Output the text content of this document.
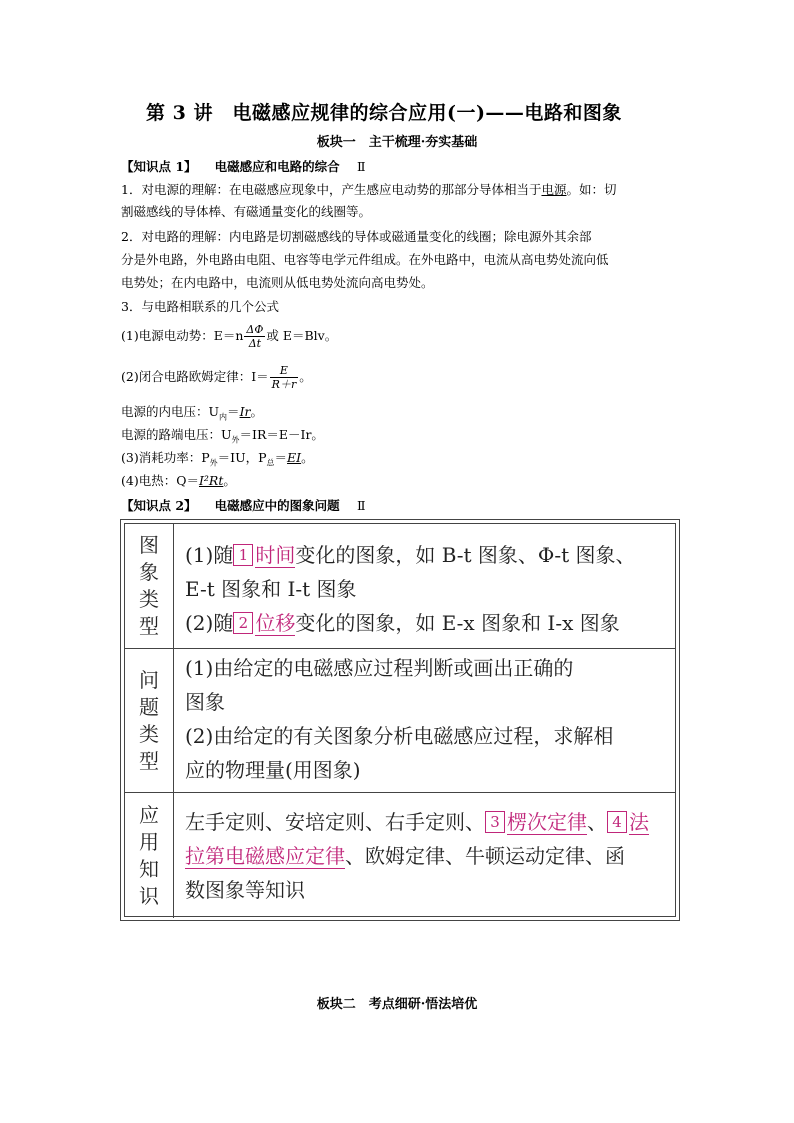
第 3 讲　电磁感应规律的综合应用(一)——电路和图象
板块一　主干梳理·夯实基础
【知识点 1】 电磁感应和电路的综合 Ⅱ
1．对电源的理解：在电磁感应现象中，产生感应电动势的那部分导体相当于电源。如：切
割磁感线的导体棒、有磁通量变化的线圈等。
2．对电路的理解：内电路是切割磁感线的导体或磁通量变化的线圈；除电源外其余部
分是外电路，外电路由电阻、电容等电学元件组成。在外电路中，电流从高电势处流向低
电势处；在内电路中，电流则从低电势处流向高电势处。
3．与电路相联系的几个公式
(1)电源电动势：$E=n \frac{\Delta\Phi}{\Delta t}$ 或 E＝Blv。
(2)闭合电路欧姆定律：$I= \frac{E}{R+r}$ 。
电源的内电压：$U_内=Ir$。
电源的路端电压：$U_外=IR=E-Ir$。
(3)消耗功率：$P_外=IU$，$P_总=EI$。
(4)电热：Q＝I²Rt。
【知识点 2】 电磁感应中的图象问题 Ⅱ
图
象
类
型
(1)随 1 时间变化的图象，如 B-t 图象、Φ-t 图象、
E-t 图象和 I-t 图象
(2)随 2 位移变化的图象，如 E-x 图象和 I-x 图象
问
题
类
型
(1)由给定的电磁感应过程判断或画出正确的
图象
(2)由给定的有关图象分析电磁感应过程，求解相
应的物理量(用图象)
应
用
知
识
左手定则、安培定则、右手定则、 3 楞次定律、 4 法
拉第电磁感应定律、欧姆定律、牛顿运动定律、函
数图象等知识
板块二　考点细研·悟法培优
